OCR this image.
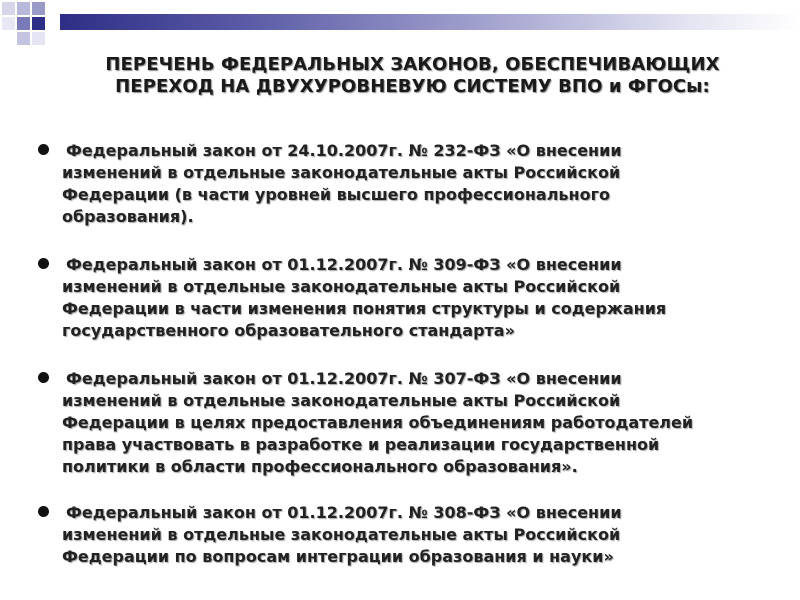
ПЕРЕЧЕНЬ ФЕДЕРАЛЬНЫХ ЗАКОНОВ, ОБЕСПЕЧИВАЮЩИХ
ПЕРЕХОД НА ДВУХУРОВНЕВУЮ СИСТЕМУ ВПО и ФГОСы:
Федеральный закон от 24.10.2007г. № 232-ФЗ «О внесении
изменений в отдельные законодательные акты Российской
Федерации (в части уровней высшего профессионального
образования).
Федеральный закон от 01.12.2007г. № 309-ФЗ «О внесении
изменений в отдельные законодательные акты Российской
Федерации в части изменения понятия структуры и содержания
государственного образовательного стандарта»
Федеральный закон от 01.12.2007г. № 307-ФЗ «О внесении
изменений в отдельные законодательные акты Российской
Федерации в целях предоставления объединениям работодателей
права участвовать в разработке и реализации государственной
политики в области профессионального образования».
Федеральный закон от 01.12.2007г. № 308-ФЗ «О внесении
изменений в отдельные законодательные акты Российской
Федерации по вопросам интеграции образования и науки»
